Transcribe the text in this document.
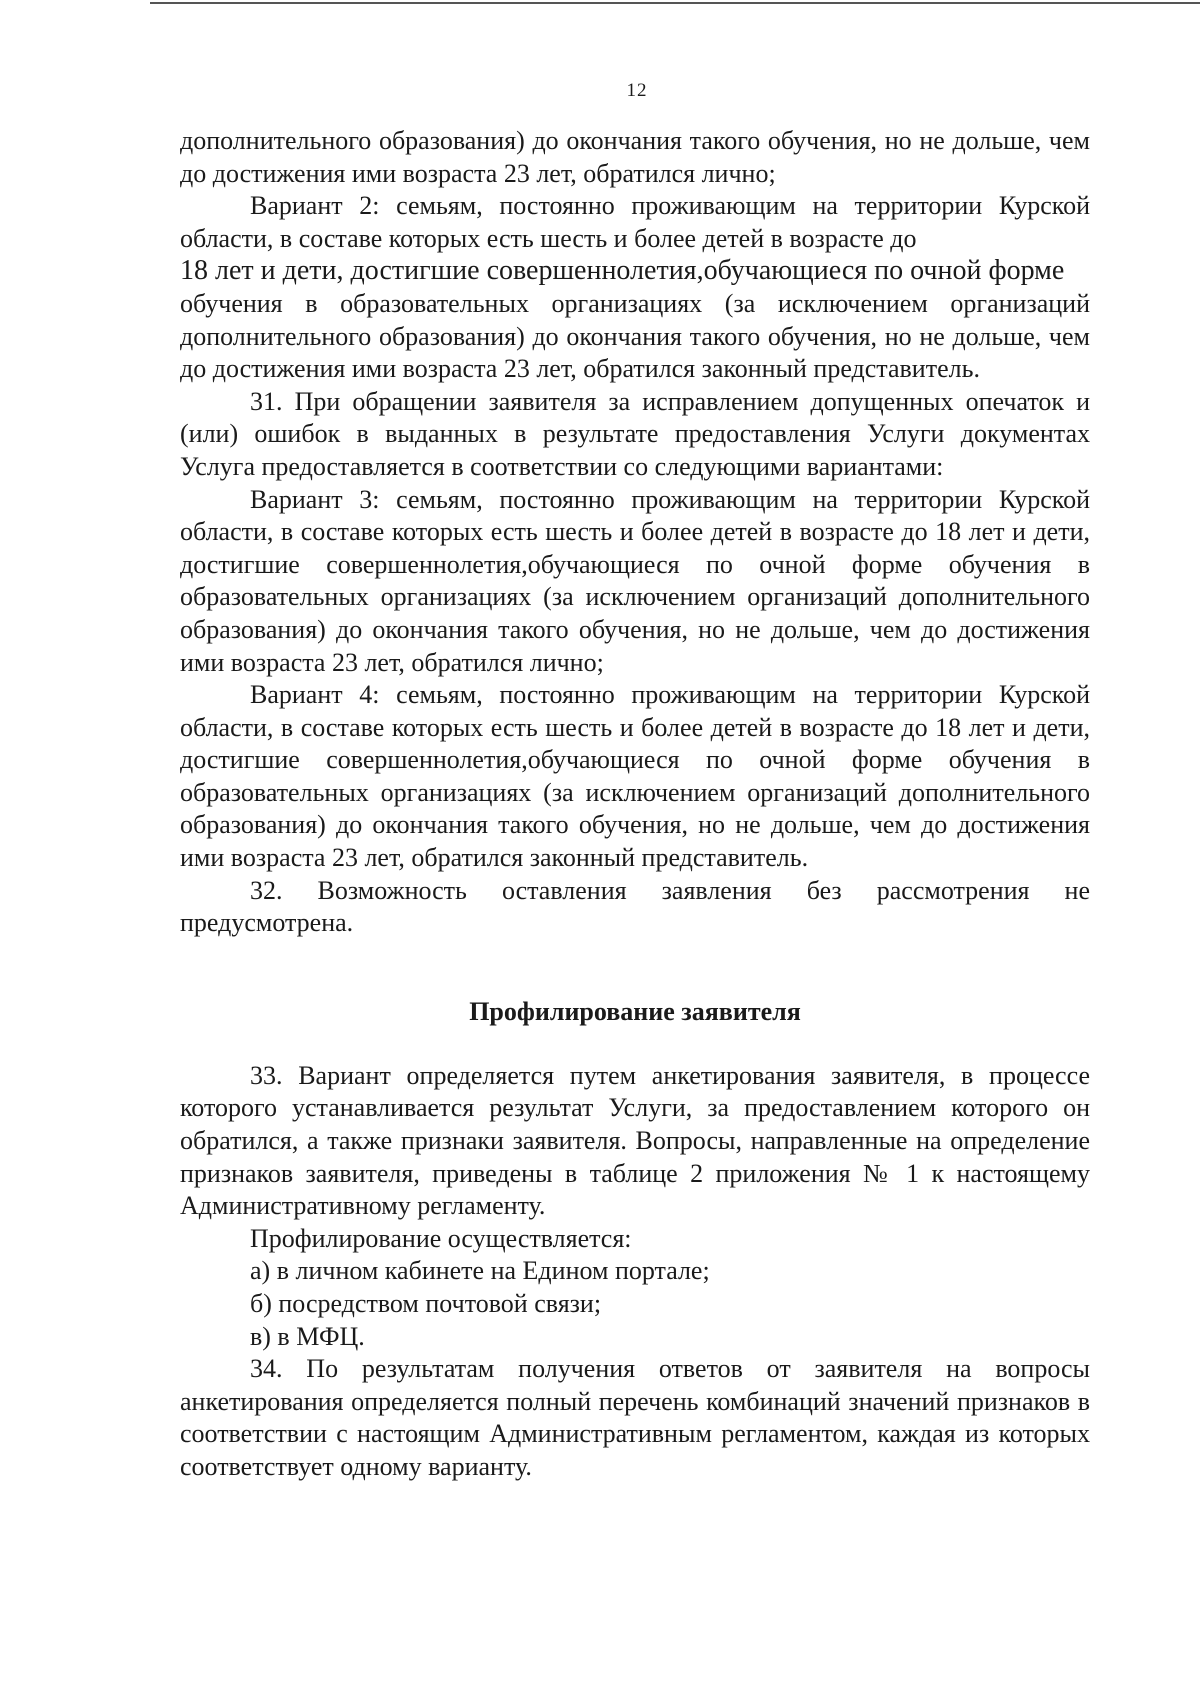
12

дополнительного образования) до окончания такого обучения, но не дольше, чем до достижения ими возраста 23 лет, обратился лично;

Вариант 2: семьям, постоянно проживающим на территории Курской области, в составе которых есть шесть и более детей в возрасте до

18 лет и дети, достигшие совершеннолетия,обучающиеся по очной форме

обучения в образовательных организациях (за исключением организаций дополнительного образования) до окончания такого обучения, но не дольше, чем до достижения ими возраста 23 лет, обратился законный представитель.

31. При обращении заявителя за исправлением допущенных опечаток и (или) ошибок в выданных в результате предоставления Услуги документах Услуга предоставляется в соответствии со следующими вариантами:

Вариант 3: семьям, постоянно проживающим на территории Курской области, в составе которых есть шесть и более детей в возрасте до 18 лет и дети, достигшие совершеннолетия,обучающиеся по очной форме обучения в образовательных организациях (за исключением организаций дополнительного образования) до окончания такого обучения, но не дольше, чем до достижения ими возраста 23 лет, обратился лично;

Вариант 4: семьям, постоянно проживающим на территории Курской области, в составе которых есть шесть и более детей в возрасте до 18 лет и дети, достигшие совершеннолетия,обучающиеся по очной форме обучения в образовательных организациях (за исключением организаций дополнительного образования) до окончания такого обучения, но не дольше, чем до достижения ими возраста 23 лет, обратился законный представитель.

32. Возможность оставления заявления без рассмотрения не предусмотрена.

Профилирование заявителя

33. Вариант определяется путем анкетирования заявителя, в процессе которого устанавливается результат Услуги, за предоставлением которого он обратился, а также признаки заявителя. Вопросы, направленные на определение признаков заявителя, приведены в таблице 2 приложения № 1 к настоящему Административному регламенту.

Профилирование осуществляется:

а) в личном кабинете на Едином портале;

б) посредством почтовой связи;

в) в МФЦ.

34. По результатам получения ответов от заявителя на вопросы анкетирования определяется полный перечень комбинаций значений признаков в соответствии с настоящим Административным регламентом, каждая из которых соответствует одному варианту.
